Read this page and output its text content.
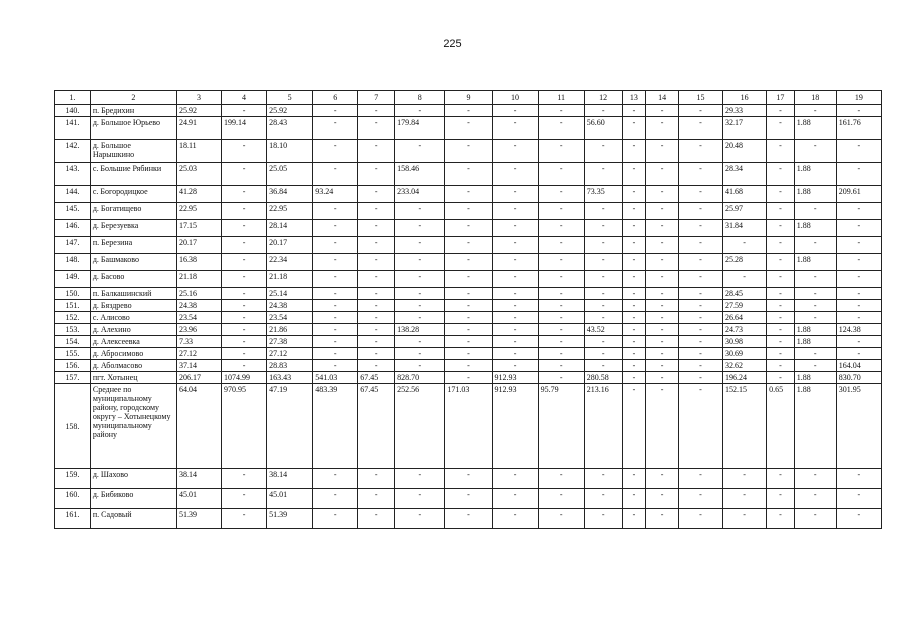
225
1.	2	3	4	5	6	7	8	9	10	11	12	13	14	15	16	17	18	19
140.	п. Бредихин	25.92	-	25.92	-	-	-	-	-	-	-	-	-	-	29.33	-	-	-
141.	д. Большое Юрьево	24.91	199.14	28.43	-	-	179.84	-	-	-	56.60	-	-	-	32.17	-	1.88	161.76
142.	д. Большое Нарышкино	18.11	-	18.10	-	-	-	-	-	-	-	-	-	-	20.48	-	-	-
143.	с. Большие Рябинки	25.03	-	25.05	-	-	158.46	-	-	-	-	-	-	-	28.34	-	1.88	-
144.	с. Богородицкое	41.28	-	36.84	93.24	-	233.04	-	-	-	73.35	-	-	-	41.68	-	1.88	209.61
145.	д. Богатищево	22.95	-	22.95	-	-	-	-	-	-	-	-	-	-	25.97	-	-	-
146.	д. Березуевка	17.15	-	28.14	-	-	-	-	-	-	-	-	-	-	31.84	-	1.88	-
147.	п. Березина	20.17	-	20.17	-	-	-	-	-	-	-	-	-	-	-	-	-	-
148.	д. Башмаково	16.38	-	22.34	-	-	-	-	-	-	-	-	-	-	25.28	-	1.88	-
149.	д. Басово	21.18	-	21.18	-	-	-	-	-	-	-	-	-	-	-	-	-	-
150.	п. Балкашинский	25.16	-	25.14	-	-	-	-	-	-	-	-	-	-	28.45	-	-	-
151.	д. Бяздрево	24.38	-	24.38	-	-	-	-	-	-	-	-	-	-	27.59	-	-	-
152.	с. Алисово	23.54	-	23.54	-	-	-	-	-	-	-	-	-	-	26.64	-	-	-
153.	д. Алехино	23.96	-	21.86	-	-	138.28	-	-	-	43.52	-	-	-	24.73	-	1.88	124.38
154.	д. Алексеевка	7.33	-	27.38	-	-	-	-	-	-	-	-	-	-	30.98	-	1.88	-
155.	д. Абросимово	27.12	-	27.12	-	-	-	-	-	-	-	-	-	-	30.69	-	-	-
156.	д. Аболмасово	37.14	-	28.83	-	-	-	-	-	-	-	-	-	-	32.62	-	-	164.04
157.	пгт. Хотынец	206.17	1074.99	163.43	541.03	67.45	828.70	-	912.93	-	280.58	-	-	-	196.24	-	1.88	830.70
158.	Среднее по муниципальному району, городскому округу – Хотынецкому муниципальному району	64.04	970.95	47.19	483.39	67.45	252.56	171.03	912.93	95.79	213.16	-	-	-	152.15	0.65	1.88	301.95
159.	д. Шахово	38.14	-	38.14	-	-	-	-	-	-	-	-	-	-	-	-	-	-
160.	д. Бибиково	45.01	-	45.01	-	-	-	-	-	-	-	-	-	-	-	-	-	-
161.	п. Садовый	51.39	-	51.39	-	-	-	-	-	-	-	-	-	-	-	-	-	-
